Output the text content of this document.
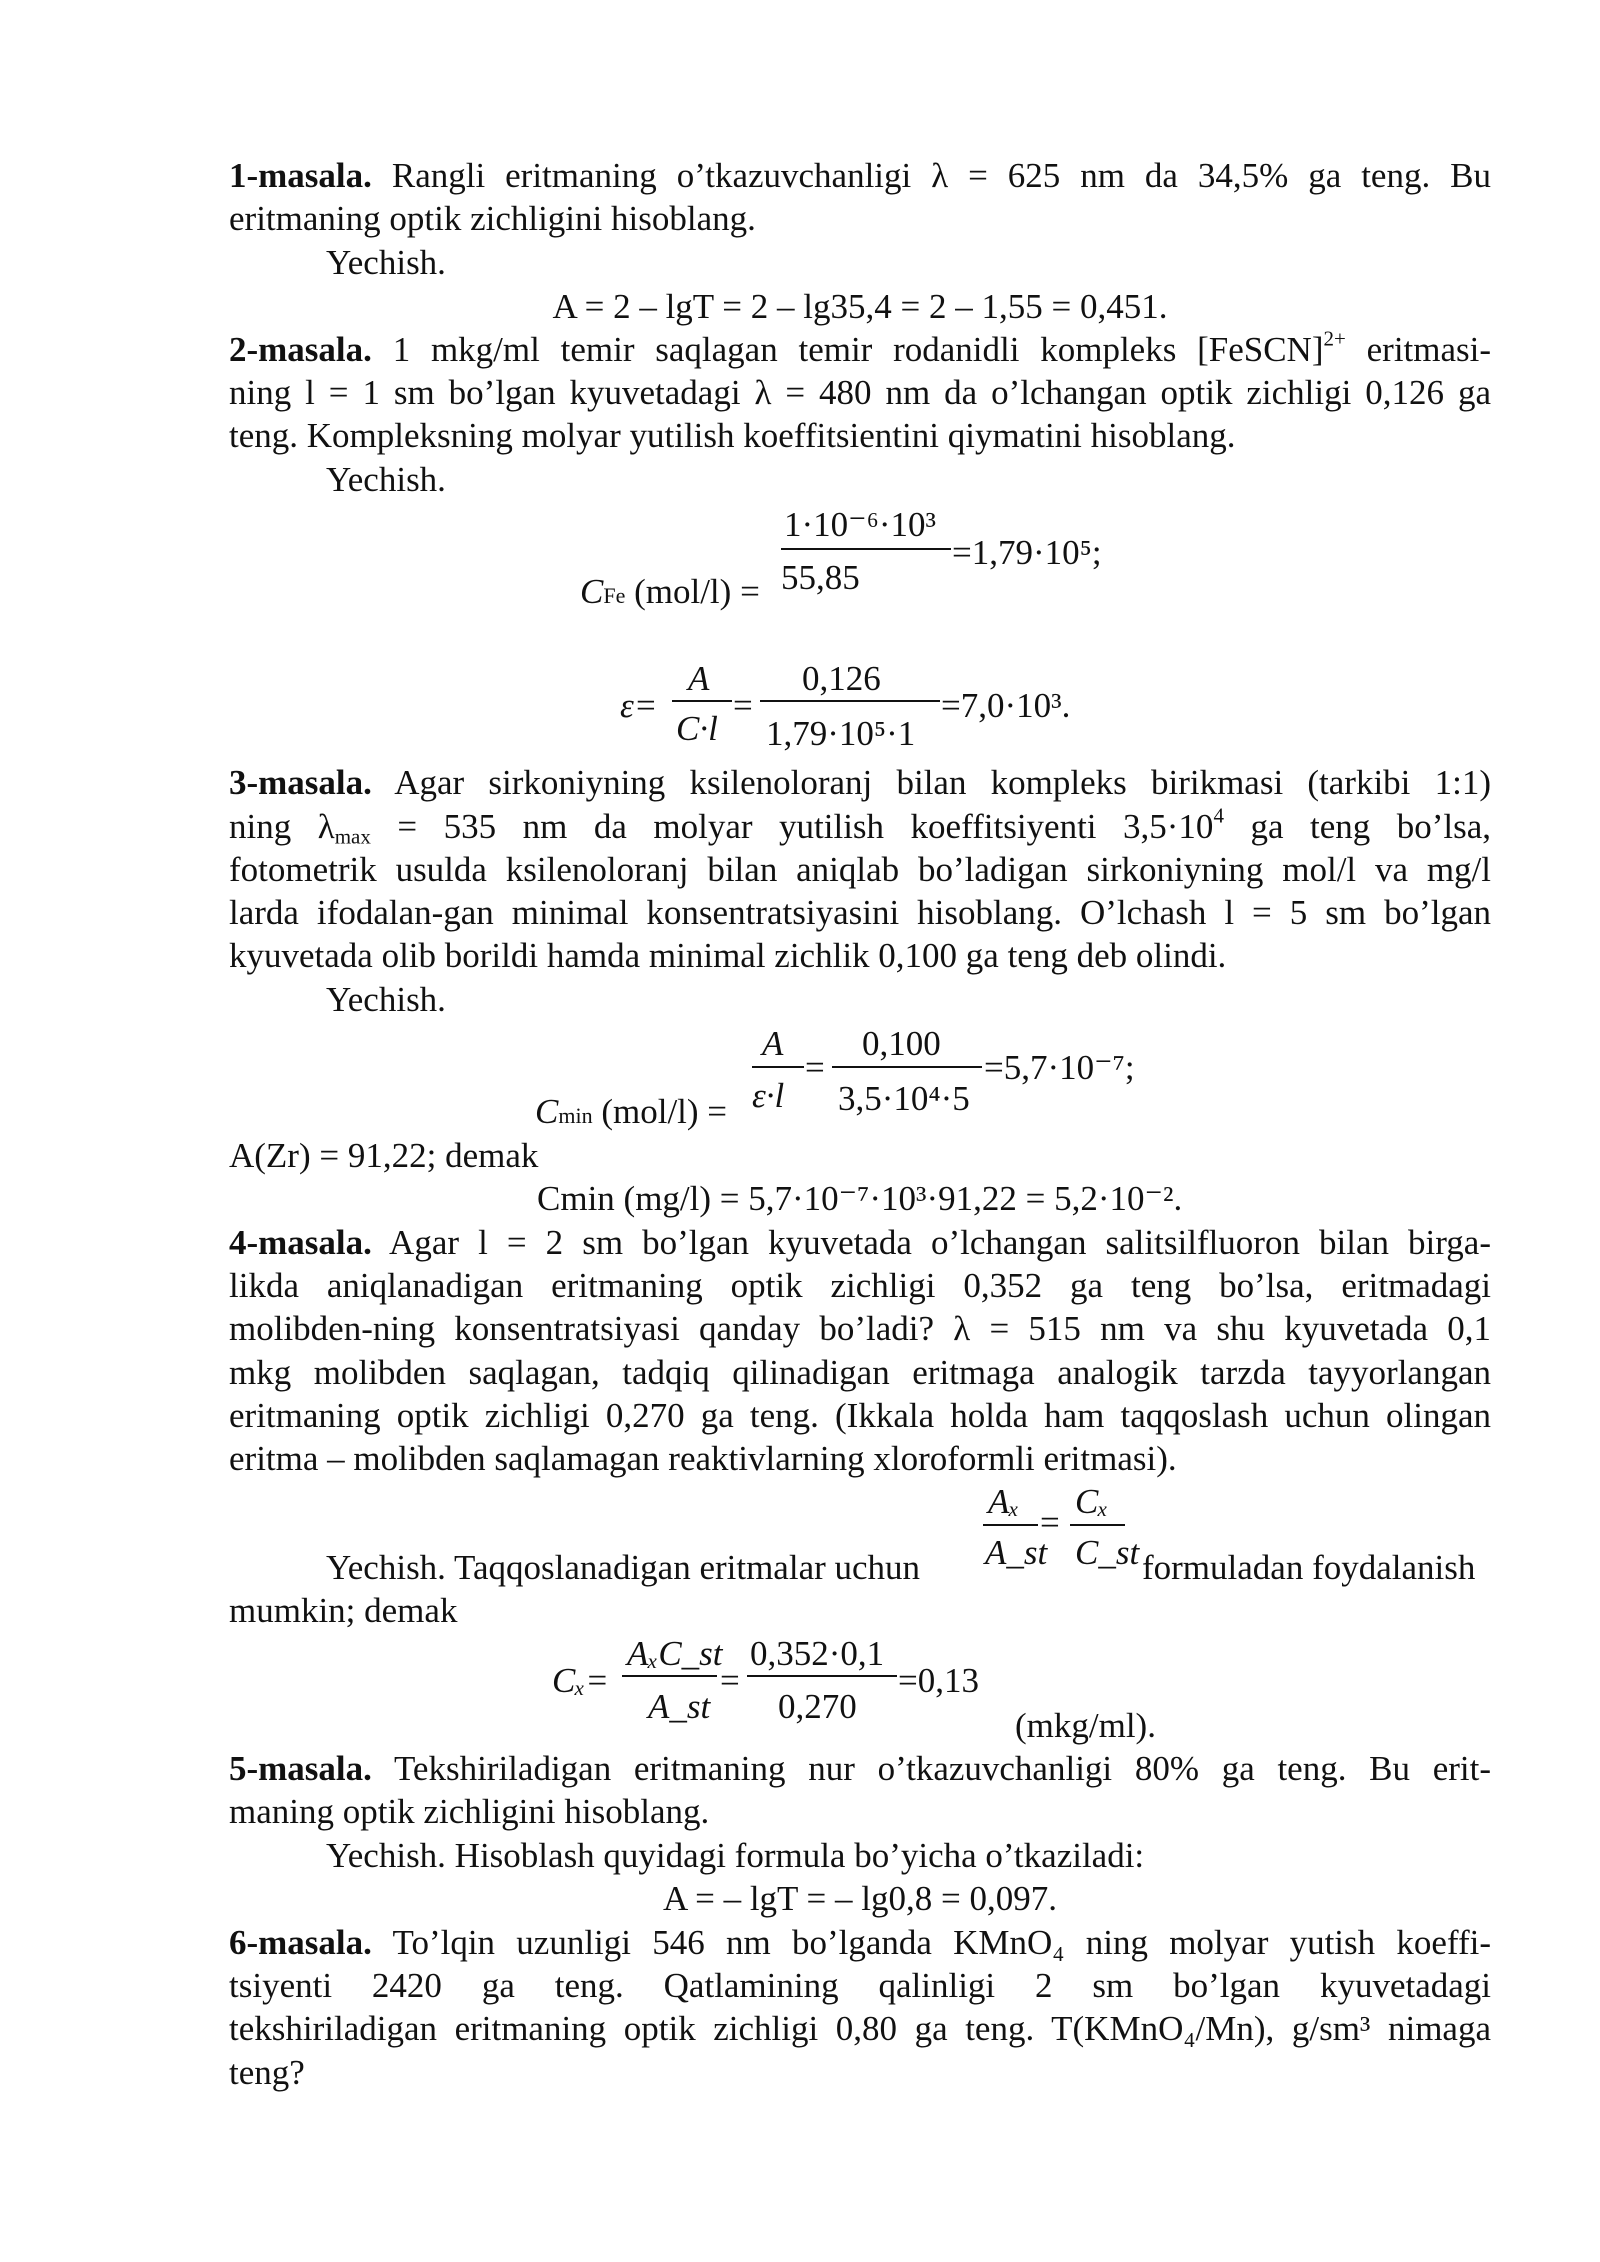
1-masala. Rangli eritmaning o’tkazuvchanligi λ = 625 nm da 34,5% ga teng. Bu
eritmaning optik zichligini hisoblang.
Yechish.
A = 2 – lgT = 2 – lg35,4 = 2 – 1,55 = 0,451.
2-masala. 1 mkg/ml temir saqlagan temir rodanidli kompleks [FeSCN]$^{2+}$ eritmasi-
ning l = 1 sm bo’lgan kyuvetadagi λ = 480 nm da o’lchangan optik zichligi 0,126 ga
teng. Kompleksning molyar yutilish koeffitsientini qiymatini hisoblang.
Yechish.
CFe (mol/l) =
1·10⁻⁶·10³
55,85
=1,79·10⁵;
ε=
A
C·l
=
0,126
1,79·10⁵·1
=7,0·10³.
3-masala. Agar sirkoniyning ksilenoloranj bilan kompleks birikmasi (tarkibi 1:1)
ning $\lambda_{max} = 535$ nm da molyar yutilish koeffitsiyenti $3,5\cdot 10^4$ ga teng bo’lsa,
fotometrik usulda ksilenoloranj bilan aniqlab bo’ladigan sirkoniyning mol/l va mg/l
larda ifodalan-gan minimal konsentratsiyasini hisoblang. O’lchash l = 5 sm bo’lgan
kyuvetada olib borildi hamda minimal zichlik 0,100 ga teng deb olindi.
Yechish.
Cmin (mol/l) =
A
ε·l
=
0,100
3,5·10⁴·5
=5,7·10⁻⁷;
A(Zr) = 91,22; demak
Cmin (mg/l) = 5,7·10⁻⁷·10³·91,22 = 5,2·10⁻².
4-masala. Agar l = 2 sm bo’lgan kyuvetada o’lchangan salitsilfluoron bilan birga-
likda aniqlanadigan eritmaning optik zichligi 0,352 ga teng bo’lsa, eritmadagi
molibden-ning konsentratsiyasi qanday bo’ladi? λ = 515 nm va shu kyuvetada 0,1
mkg molibden saqlagan, tadqiq qilinadigan eritmaga analogik tarzda tayyorlangan
eritmaning optik zichligi 0,270 ga teng. (Ikkala holda ham taqqoslash uchun olingan
eritma – molibden saqlamagan reaktivlarning xloroformli eritmasi).
Yechish. Taqqoslanadigan eritmalar uchun
Aₓ
A_st
=
Cₓ
C_st formuladan foydalanish
mumkin; demak
Cₓ=
AₓC_st
A_st
=
0,352·0,1
0,270
=0,13
(mkg/ml).
5-masala. Tekshiriladigan eritmaning nur o’tkazuvchanligi 80% ga teng. Bu erit-
maning optik zichligini hisoblang.
Yechish. Hisoblash quyidagi formula bo’yicha o’tkaziladi:
A = – lgT = – lg0,8 = 0,097.
6-masala. To’lqin uzunligi 546 nm bo’lganda KMnO₄ ning molyar yutish koeffi-
tsiyenti 2420 ga teng. Qatlamining qalinligi 2 sm bo’lgan kyuvetadagi
tekshiriladigan eritmaning optik zichligi 0,80 ga teng. T(KMnO₄/Mn), g/sm³ nimaga
teng?
